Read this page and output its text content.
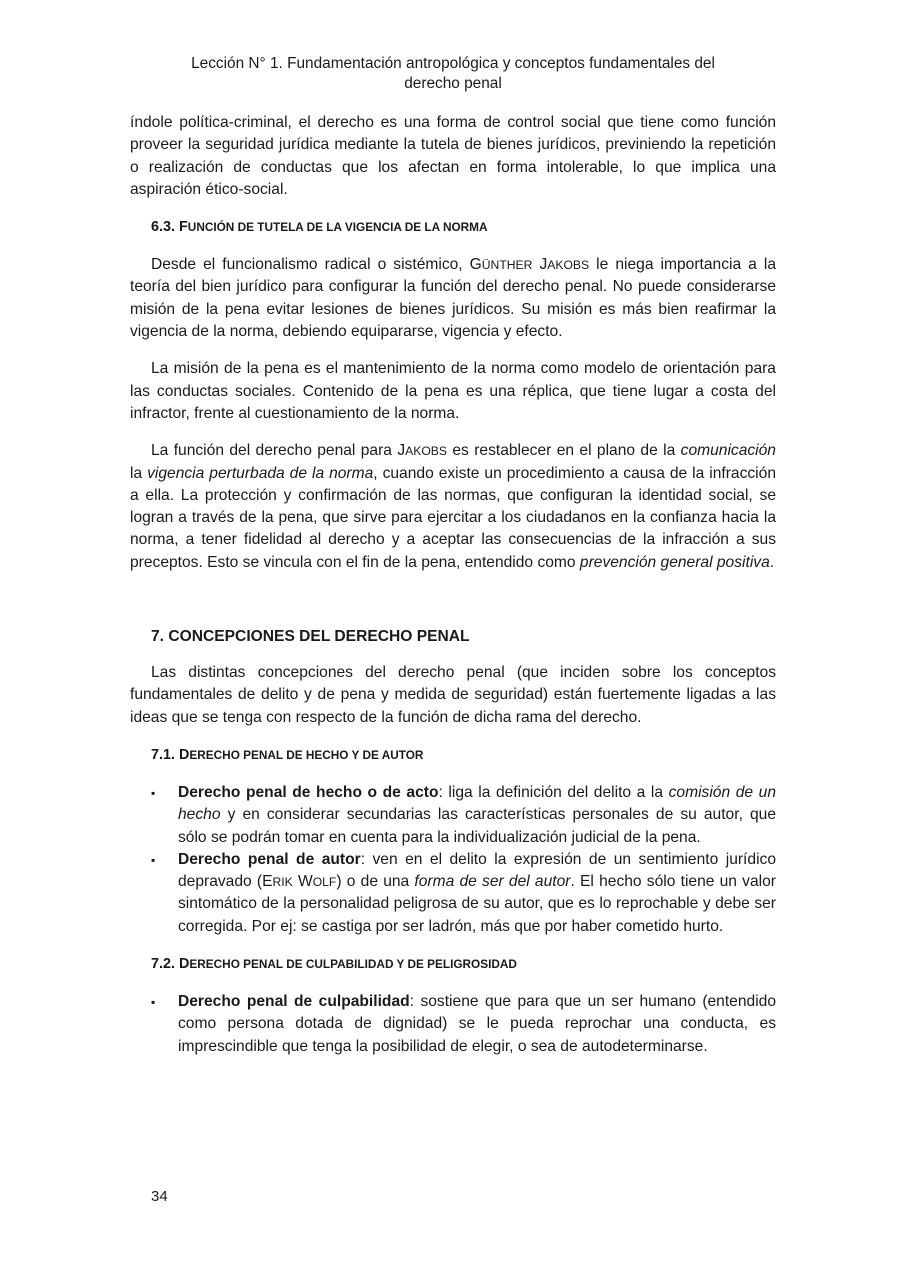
Lección N° 1. Fundamentación antropológica y conceptos fundamentales del
derecho penal

índole política-criminal, el derecho es una forma de control social que tiene como función proveer la seguridad jurídica mediante la tutela de bienes jurídicos, previniendo la repetición o realización de conductas que los afectan en forma intolerable, lo que implica una aspiración ético-social.

6.3. FUNCIÓN DE TUTELA DE LA VIGENCIA DE LA NORMA

Desde el funcionalismo radical o sistémico, GÜNTHER JAKOBS le niega importancia a la teoría del bien jurídico para configurar la función del derecho penal. No puede considerarse misión de la pena evitar lesiones de bienes jurídicos. Su misión es más bien reafirmar la vigencia de la norma, debiendo equipararse, vigencia y efecto.

La misión de la pena es el mantenimiento de la norma como modelo de orientación para las conductas sociales. Contenido de la pena es una réplica, que tiene lugar a costa del infractor, frente al cuestionamiento de la norma.

La función del derecho penal para JAKOBS es restablecer en el plano de la comunicación la vigencia perturbada de la norma, cuando existe un procedimiento a causa de la infracción a ella. La protección y confirmación de las normas, que configuran la identidad social, se logran a través de la pena, que sirve para ejercitar a los ciudadanos en la confianza hacia la norma, a tener fidelidad al derecho y a aceptar las consecuencias de la infracción a sus preceptos. Esto se vincula con el fin de la pena, entendido como prevención general positiva.

7. CONCEPCIONES DEL DERECHO PENAL

Las distintas concepciones del derecho penal (que inciden sobre los conceptos fundamentales de delito y de pena y medida de seguridad) están fuertemente ligadas a las ideas que se tenga con respecto de la función de dicha rama del derecho.

7.1. DERECHO PENAL DE HECHO Y DE AUTOR

▪ Derecho penal de hecho o de acto: liga la definición del delito a la comisión de un hecho y en considerar secundarias las características personales de su autor, que sólo se podrán tomar en cuenta para la individualización judicial de la pena.
▪ Derecho penal de autor: ven en el delito la expresión de un sentimiento jurídico depravado (ERIK WOLF) o de una forma de ser del autor. El hecho sólo tiene un valor sintomático de la personalidad peligrosa de su autor, que es lo reprochable y debe ser corregida. Por ej: se castiga por ser ladrón, más que por haber cometido hurto.

7.2. DERECHO PENAL DE CULPABILIDAD Y DE PELIGROSIDAD

▪ Derecho penal de culpabilidad: sostiene que para que un ser humano (entendido como persona dotada de dignidad) se le pueda reprochar una conducta, es imprescindible que tenga la posibilidad de elegir, o sea de autodeterminarse.
34
